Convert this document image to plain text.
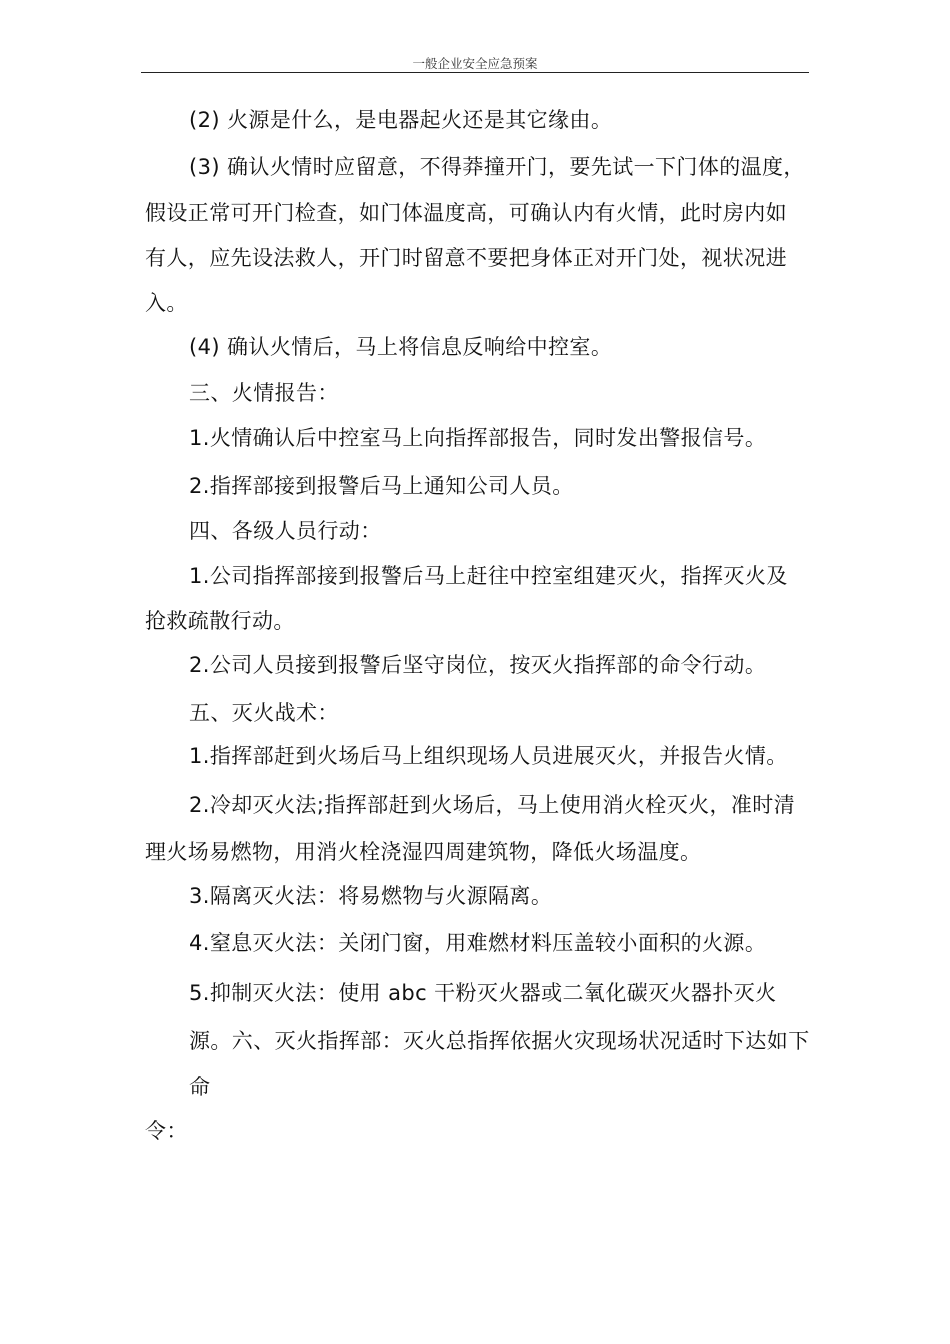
一般企业安全应急预案
(2) 火源是什么，是电器起火还是其它缘由。
(3) 确认火情时应留意，不得莽撞开门，要先试一下门体的温度，
假设正常可开门检查，如门体温度高，可确认内有火情，此时房内如
有人，应先设法救人，开门时留意不要把身体正对开门处，视状况进
入。
(4) 确认火情后，马上将信息反响给中控室。
三、火情报告：
1.火情确认后中控室马上向指挥部报告，同时发出警报信号。
2.指挥部接到报警后马上通知公司人员。
四、各级人员行动：
1.公司指挥部接到报警后马上赶往中控室组建灭火，指挥灭火及
抢救疏散行动。
2.公司人员接到报警后坚守岗位，按灭火指挥部的命令行动。
五、灭火战术：
1.指挥部赶到火场后马上组织现场人员进展灭火，并报告火情。
2.冷却灭火法;指挥部赶到火场后，马上使用消火栓灭火，准时清
理火场易燃物，用消火栓浇湿四周建筑物，降低火场温度。
3.隔离灭火法：将易燃物与火源隔离。
4.窒息灭火法：关闭门窗，用难燃材料压盖较小面积的火源。
5.抑制灭火法：使用 abc 干粉灭火器或二氧化碳灭火器扑灭火
源。六、灭火指挥部：灭火总指挥依据火灾现场状况适时下达如下
命
令：
